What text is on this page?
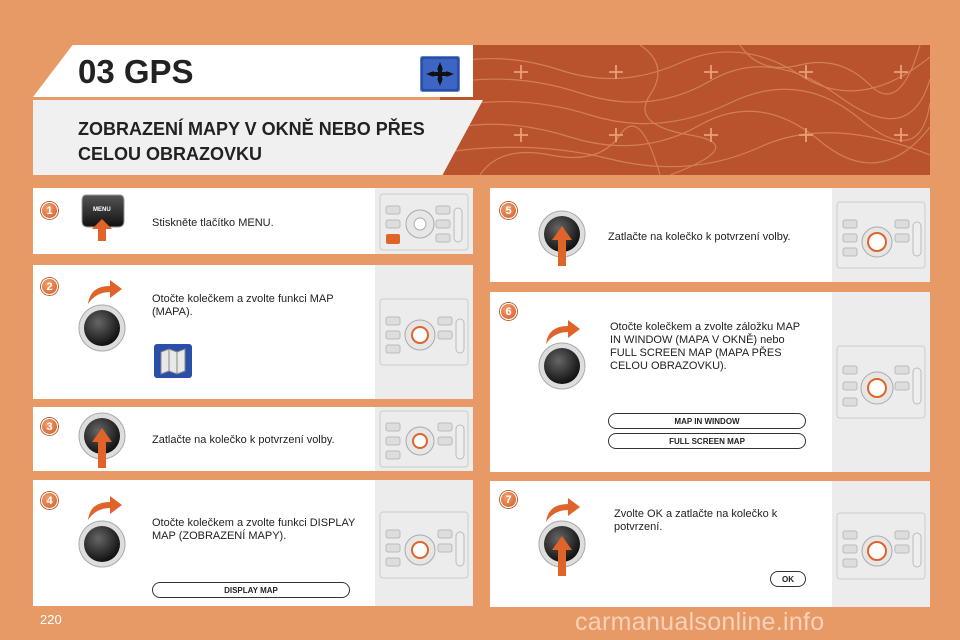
03 GPS
ZOBRAZENÍ MAPY V OKNĚ NEBO PŘES
CELOU OBRAZOVKU
1	MENU
Stiskněte tlačítko MENU.
2
Otočte kolečkem a zvolte funkci MAP (MAPA).
3
Zatlačte na kolečko k potvrzení volby.
4
Otočte kolečkem a zvolte funkci DISPLAY MAP (ZOBRAZENÍ MAPY).
DISPLAY MAP
5
Zatlačte na kolečko k potvrzení volby.
6
Otočte kolečkem a zvolte záložku MAP IN WINDOW (MAPA V OKNĚ) nebo FULL SCREEN MAP (MAPA PŘES CELOU OBRAZOVKU).
MAP IN WINDOW
FULL SCREEN MAP
7
Zvolte OK a zatlačte na kolečko k potvrzení.
OK
220	carmanualsonline.info
